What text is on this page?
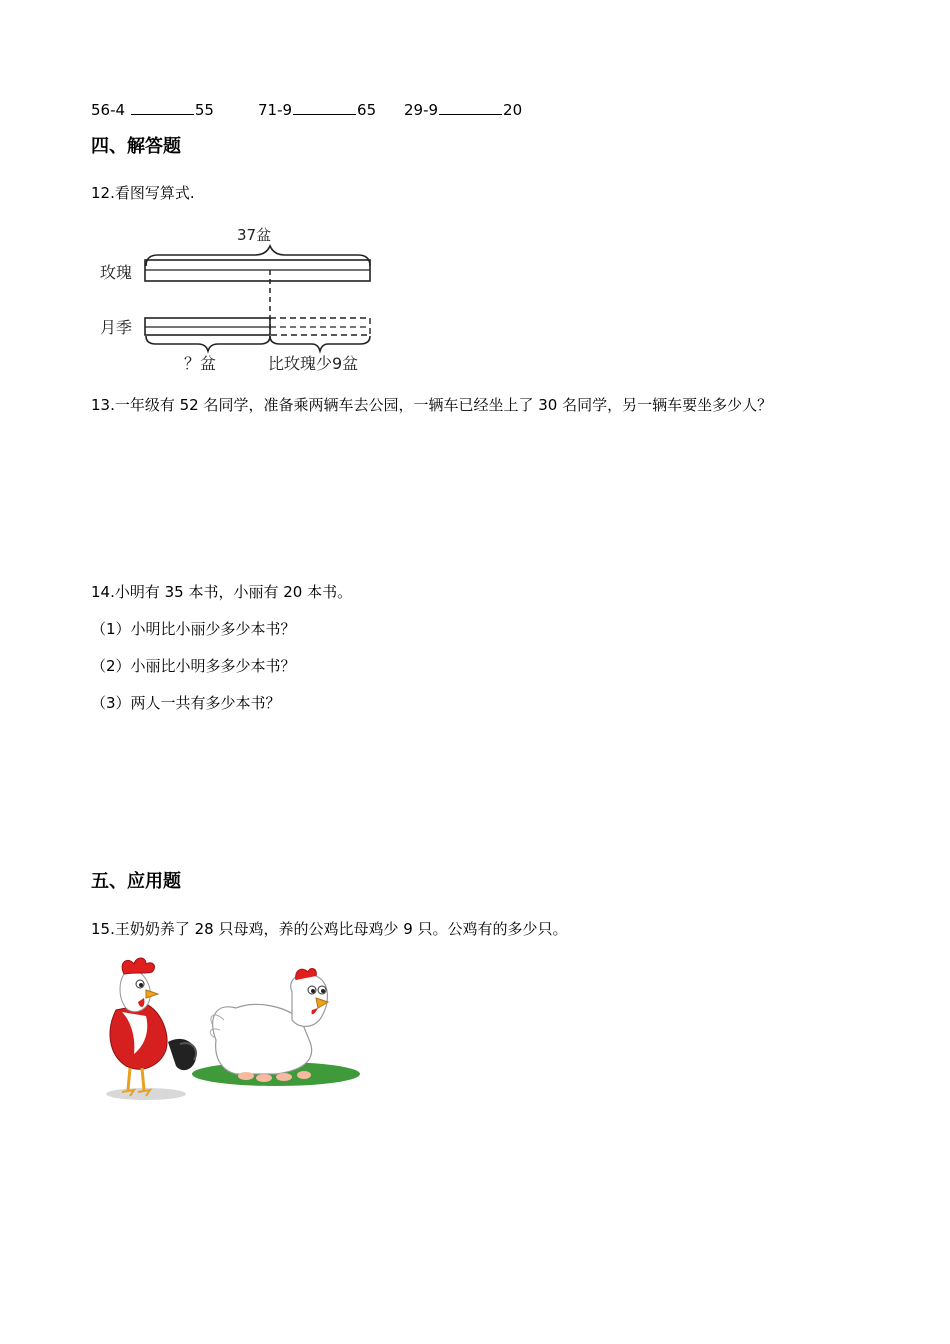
56-4	55	71-9	65 29-9	20
四、解答题
12.看图写算式.
37盆
玫瑰
月季
？盆	比玫瑰少9盆
13.一年级有 52 名同学，准备乘两辆车去公园，一辆车已经坐上了 30 名同学，另一辆车要坐多少人？
14.小明有 35 本书，小丽有 20 本书。
（1）小明比小丽少多少本书？
（2）小丽比小明多多少本书？
（3）两人一共有多少本书？
五、应用题
15.王奶奶养了 28 只母鸡，养的公鸡比母鸡少 9 只。公鸡有的多少只。
